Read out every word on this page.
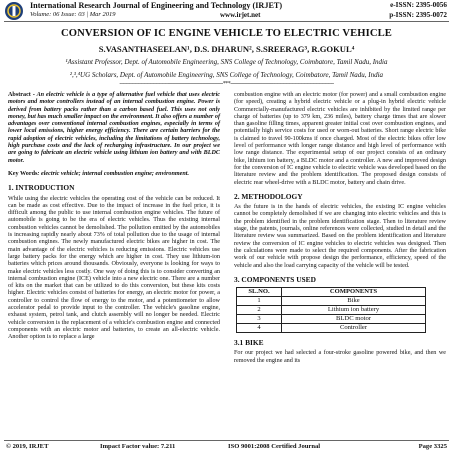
International Research Journal of Engineering and Technology (IRJET)	e-ISSN: 2395-0056
Volume: 06 Issue: 03 | Mar 2019	www.irjet.net	p-ISSN: 2395-0072
CONVERSION OF IC ENGINE VEHICLE TO ELECTRIC VEHICLE
S.VASANTHASEELAN¹, D.S. DHARUN², S.SREERAG³, R.GOKUL⁴
¹Assistant Professor, Dept. of Automobile Engineering, SNS College of Technology, Coimbatore, Tamil Nadu, India
²,³,⁴UG Scholars, Dept. of Automobile Engineering, SNS College of Technology, Coimbatore, Tamil Nadu, India
---------------------------------------------------------------------***---------------------------------------------------------------------

Abstract - An electric vehicle is a type of alternative fuel vehicle that uses electric motors and motor controllers instead of an internal combustion engine. Power is derived from battery packs rather than a carbon based fuel. This uses not only money, but has much smaller impact on the environment. It also offers a number of advantages over conventional internal combustion engines, especially in terms of lower local emissions, higher energy efficiency. There are certain barriers for the rapid adoption of electric vehicles, including the limitations of battery technology, high purchase costs and the lack of recharging infrastructure. In our project we are going to fabricate an electric vehicle using lithium ion battery and with BLDC motor.

Key Words: electric vehicle; internal combustion engine; environment.

1. INTRODUCTION

While using the electric vehicles the operating cost of the vehicle can be reduced. It can be made as cost effective. Due to the impact of increase in the fuel price, it is difficult among the public to use internal combustion engine vehicles. The future of automobile is going to be the era of electric vehicles. Thus the existing internal combustion vehicles cannot be demolished. The pollution emitted by the automobiles is increasing rapidly nearly about 73% of total pollution due to the usage of internal combustion engines. The newly manufactured electric bikes are higher in cost. The main advantage of the electric vehicles is reducing emissions. Electric vehicles use large battery packs for the energy which are higher in cost. They use lithium-ion batteries which prices around thousands. Obviously, everyone is looking for ways to make electric vehicles less costly. One way of doing this is to consider converting an internal combustion engine (ICE) vehicle into a new electric one. There are a number of kits on the market that can be utilized to do this conversion, but these kits costs higher. Electric vehicles consist of batteries for energy, an electric motor for power, a controller to control the flow of energy to the motor, and a potentiometer to allow accelerator pedal to provide input to the controller. The vehicle's gasoline engine, exhaust system, petrol tank, and clutch assembly will no longer be needed. Electric vehicle conversion is the replacement of a vehicle's combustion engine and connected components with an electric motor and batteries, to create an all-electric vehicle. Another option is to replace a large

combustion engine with an electric motor (for power) and a small combustion engine (for speed), creating a hybrid electric vehicle or a plug-in hybrid electric vehicle Commercially-manufactured electric vehicles are inhibited by the limited range per charge of batteries (up to 379 km, 236 miles), battery charge times that are slower than gasoline filling times, apparent greater initial cost over combustion engines, and potentially high service costs for used or worn-out batteries. Short range electric bike is claimed to travel 90-100kms if once charged. Most of the electric bikes offer low level of performance with longer range distance and high level of performance with low range distance. The experimental setup of our project consists of an ordinary bike, lithium ion battery, a BLDC motor and a controller. A new and improved design for the conversion of IC engine vehicle to electric vehicle was developed based on the literature review and the problem identification. The proposed design consists of electric rear wheel-drive with a BLDC motor, battery and chain drive.

2. METHODOLOGY

As the future is in the hands of electric vehicles, the existing IC engine vehicles cannot be completely demolished if we are changing into electric vehicles and this is the problem identified in the problem identification stage. Then to literature review stage, the patents, journals, online references were collected, studied in detail and the literature review was summarized. Based on the problem identification and literature review the conversion of IC engine vehicles to electric vehicles was designed. Then the calculations were made to select the required components. After the fabrication work of our vehicle with propose design the performance, efficiency, speed of the vehicle and also the load carrying capacity of the vehicle will be tested.

3. COMPONENTS USED

SL.NO.	COMPONENTS
1	Bike
2	Lithium ion battery
3	BLDC motor
4	Controller

3.1 BIKE

For our project we had selected a four-stroke gasoline powered bike, and then we removed the engine and its

© 2019, IRJET	Impact Factor value: 7.211	ISO 9001:2008 Certified Journal	Page 3325
